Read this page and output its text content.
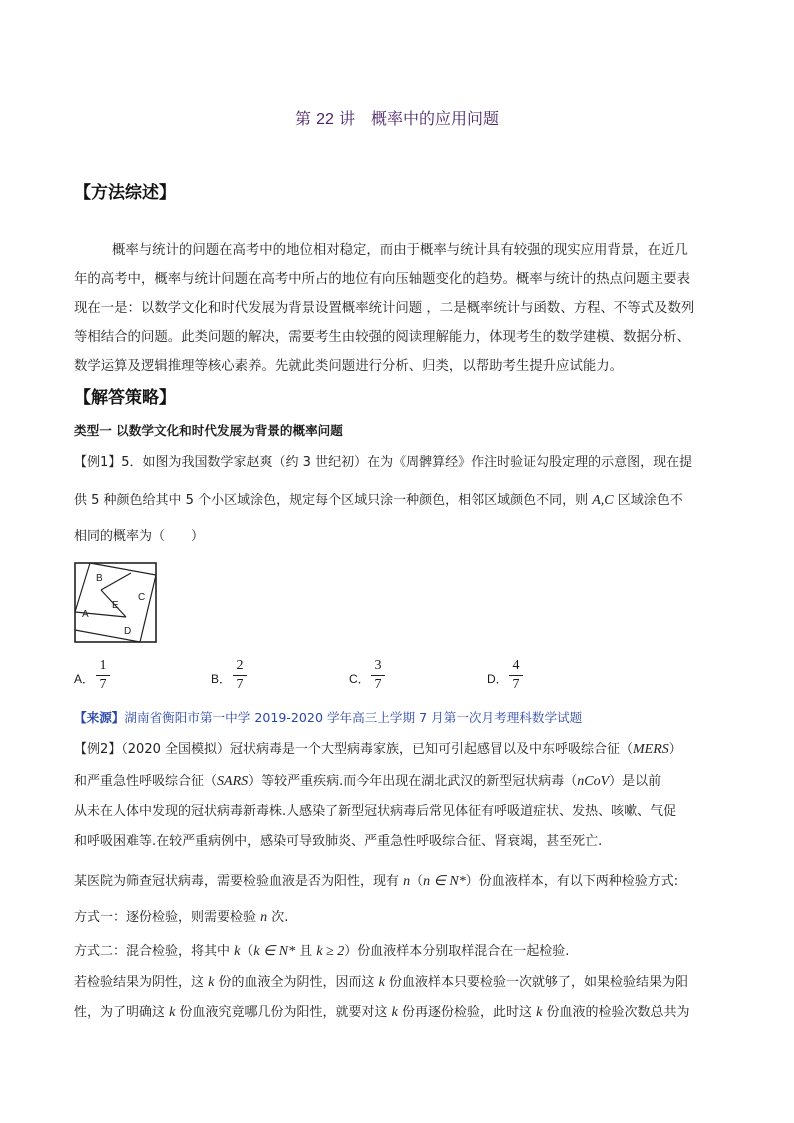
第 22 讲　概率中的应用问题
【方法综述】
概率与统计的问题在高考中的地位相对稳定，而由于概率与统计具有较强的现实应用背景，在近几
年的高考中，概率与统计问题在高考中所占的地位有向压轴题变化的趋势。概率与统计的热点问题主要表
现在一是：以数学文化和时代发展为背景设置概率统计问题 ，二是概率统计与函数、方程、不等式及数列
等相结合的问题。此类问题的解决，需要考生由较强的阅读理解能力，体现考生的数学建模、数据分析、
数学运算及逻辑推理等核心素养。先就此类问题进行分析、归类，以帮助考生提升应试能力。
【解答策略】
类型一 以数学文化和时代发展为背景的概率问题
【例1】5．如图为我国数学家赵爽（约 3 世纪初）在为《周髀算经》作注时验证勾股定理的示意图，现在提
供 5 种颜色给其中 5 个小区域涂色，规定每个区域只涂一种颜色，相邻区域颜色不同，则 A,C 区域涂色不
相同的概率为（　　）
B
A
E
C
D
A．
1
7	B．
2
7	C．
3
7	D．
4
7
【来源】湖南省衡阳市第一中学 2019-2020 学年高三上学期 7 月第一次月考理科数学试题
【例2】（2020 全国模拟）冠状病毒是一个大型病毒家族，已知可引起感冒以及中东呼吸综合征（MERS）
和严重急性呼吸综合征（SARS）等较严重疾病.而今年出现在湖北武汉的新型冠状病毒（nCoV）是以前
从未在人体中发现的冠状病毒新毒株.人感染了新型冠状病毒后常见体征有呼吸道症状、发热、咳嗽、气促
和呼吸困难等.在较严重病例中，感染可导致肺炎、严重急性呼吸综合征、肾衰竭，甚至死亡.
某医院为筛查冠状病毒，需要检验血液是否为阳性，现有 n（n ∈ N*）份血液样本，有以下两种检验方式:
方式一：逐份检验，则需要检验 n 次.
方式二：混合检验，将其中 k（k ∈ N* 且 k ≥ 2）份血液样本分别取样混合在一起检验.
若检验结果为阴性，这 k 份的血液全为阴性，因而这 k 份血液样本只要检验一次就够了，如果检验结果为阳
性，为了明确这 k 份血液究竟哪几份为阳性，就要对这 k 份再逐份检验，此时这 k 份血液的检验次数总共为
